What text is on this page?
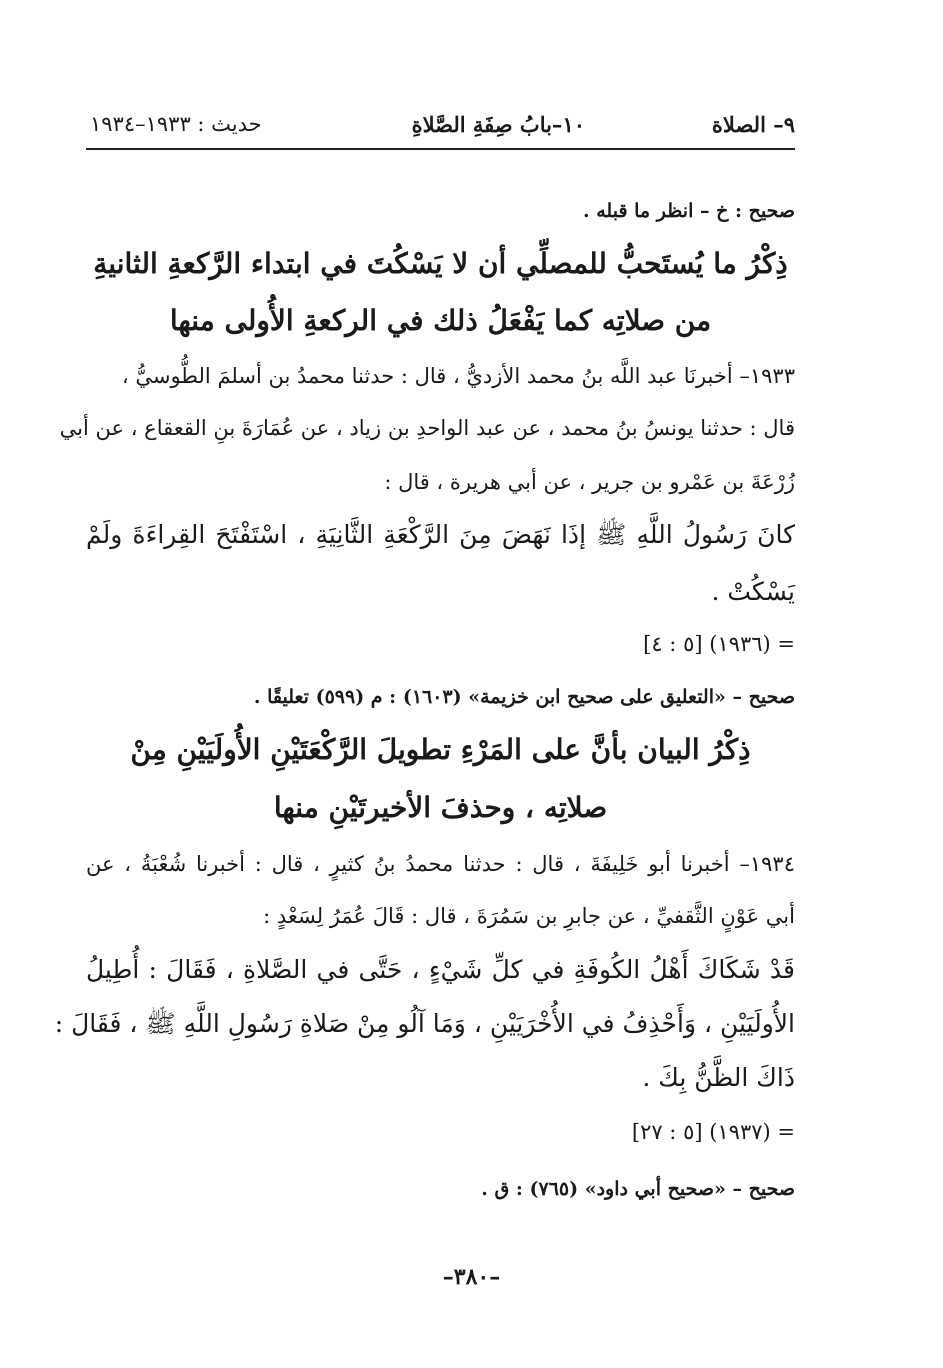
٩– الصلاة
١٠–بابُ صِفَةِ الصَّلاةِ
حديث : ١٩٣٣–١٩٣٤
صحيح : خ – انظر ما قبله .
ذِكْرُ ما يُستَحبُّ للمصلِّي أن لا يَسْكُتَ في ابتداء الرَّكعةِ الثانيةِ
من صلاتِه كما يَفْعَلُ ذلك في الركعةِ الأُولى منها
١٩٣٣– أخبرنَا عبد اللَّه بنُ محمد الأزديُّ ، قال : حدثنا محمدُ بن أسلمَ الطُّوسيُّ ،
قال : حدثنا يونسُ بنُ محمد ، عن عبد الواحدِ بن زياد ، عن عُمَارَةَ بنِ القعقاع ، عن أبي
زُرْعَةَ بن عَمْرو بن جرير ، عن أبي هريرة ، قال :
كانَ رَسُولُ اللَّهِ ﷺ إذَا نَهَضَ مِنَ الرَّكْعَةِ الثَّانِيَةِ ، اسْتَفْتَحَ القِراءَةَ ولَمْ
يَسْكُتْ .
= (١٩٣٦) [٥ : ٤]
صحيح – «التعليق على صحيح ابن خزيمة» (١٦٠٣) : م (٥٩٩) تعليقًا .
ذِكْرُ البيان بأنَّ على المَرْءِ تطويلَ الرَّكْعَتَيْنِ الأُولَيَيْنِ مِنْ
صلاتِه ، وحذفَ الأخيرتَيْنِ منها
١٩٣٤– أخبرنا أبو خَلِيفَةَ ، قال : حدثنا محمدُ بنُ كثيرٍ ، قال : أخبرنا شُعْبَةُ ، عن
أبي عَوْنٍ الثَّقفيِّ ، عن جابرِ بن سَمُرَةَ ، قال : قَالَ عُمَرُ لِسَعْدٍ :
قَدْ شَكَاكَ أَهْلُ الكُوفَةِ في كلِّ شَيْءٍ ، حَتَّى في الصَّلاةِ ، فَقَالَ : أُطِيلُ
الأُولَيَيْنِ ، وَأَحْذِفُ في الأُخْرَيَيْنِ ، وَمَا آلُو مِنْ صَلاةِ رَسُولِ اللَّهِ ﷺ ، فَقَالَ :
ذَاكَ الظَّنُّ بِكَ .
= (١٩٣٧) [٥ : ٢٧]
صحيح – «صحيح أبي داود» (٧٦٥) : ق .
–٣٨٠–
